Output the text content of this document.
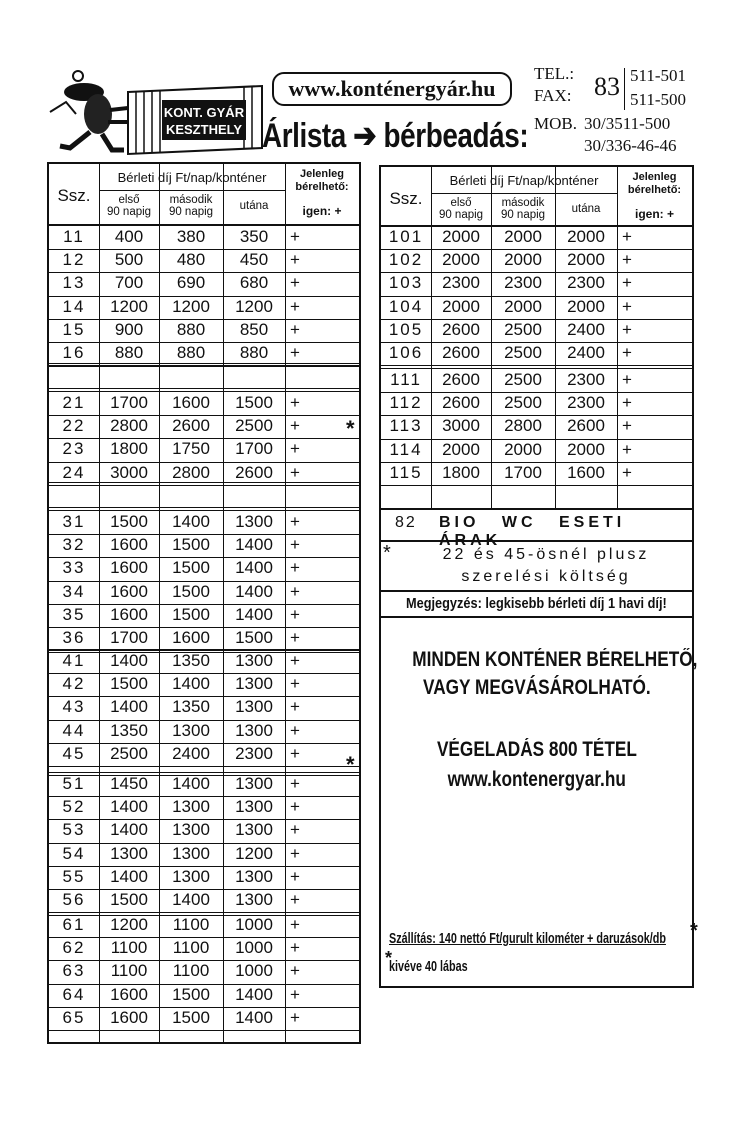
KONT. GYÁR
KESZTHELY
www.konténergyár.hu
Árlista ➔ bérbeadás:
TEL.:
FAX: 83 511-501
511-500
MOB. 30/3511-500
30/336-46-46
Ssz.
Bérleti díj Ft/nap/konténer
első
90 napig
második
90 napig	utána
Jelenleg
bérelhető:
igen: +
11	400	380	350	+
12	500	480	450	+
13	700	690	680	+
14	1200	1200	1200	+
15	900	880	850	+
16	880	880	880	+
21	1700	1600	1500	+
22	2800	2600	2500	+
23	1800	1750	1700	+
24	3000	2800	2600	+
31	1500	1400	1300	+
32	1600	1500	1400	+
33	1600	1500	1400	+
34	1600	1500	1400	+
35	1600	1500	1400	+
36	1700	1600	1500	+
41	1400	1350	1300	+
42	1500	1400	1300	+
43	1400	1350	1300	+
44	1350	1300	1300	+
45	2500	2400	2300	+
51	1450	1400	1300	+
52	1400	1300	1300	+
53	1400	1300	1300	+
54	1300	1300	1200	+
55	1400	1300	1300	+
56	1500	1400	1300	+
61	1200	1100	1000	+
62	1100	1100	1000	+
63	1100	1100	1000	+
64	1600	1500	1400	+
65	1600	1500	1400	+
Ssz.
Bérleti díj Ft/nap/konténer
első
90 napig
második
90 napig	utána
Jelenleg
bérelhető:
igen: +
101	2000	2000	2000	+
102	2000	2000	2000	+
103	2300	2300	2300	+
104	2000	2000	2000	+
105	2600	2500	2400	+
106	2600	2500	2400	+
111	2600	2500	2300	+
112	2600	2500	2300	+
113	3000	2800	2600	+
114	2000	2000	2000	+
115	1800	1700	1600	+
82 BIO WC ESETI ÁRAK
*	22 és 45-ösnél plusz
szerelési költség
Megjegyzés: legkisebb bérleti díj 1 havi díj!
MINDEN KONTÉNER BÉRELHETŐ,
VAGY MEGVÁSÁROLHATÓ.
VÉGELADÁS 800 TÉTEL
www.kontenergyar.hu
Szállítás: 140 nettó Ft/gurult kilométer + daruzások/db *
*
kivéve 40 lábas
*
*
